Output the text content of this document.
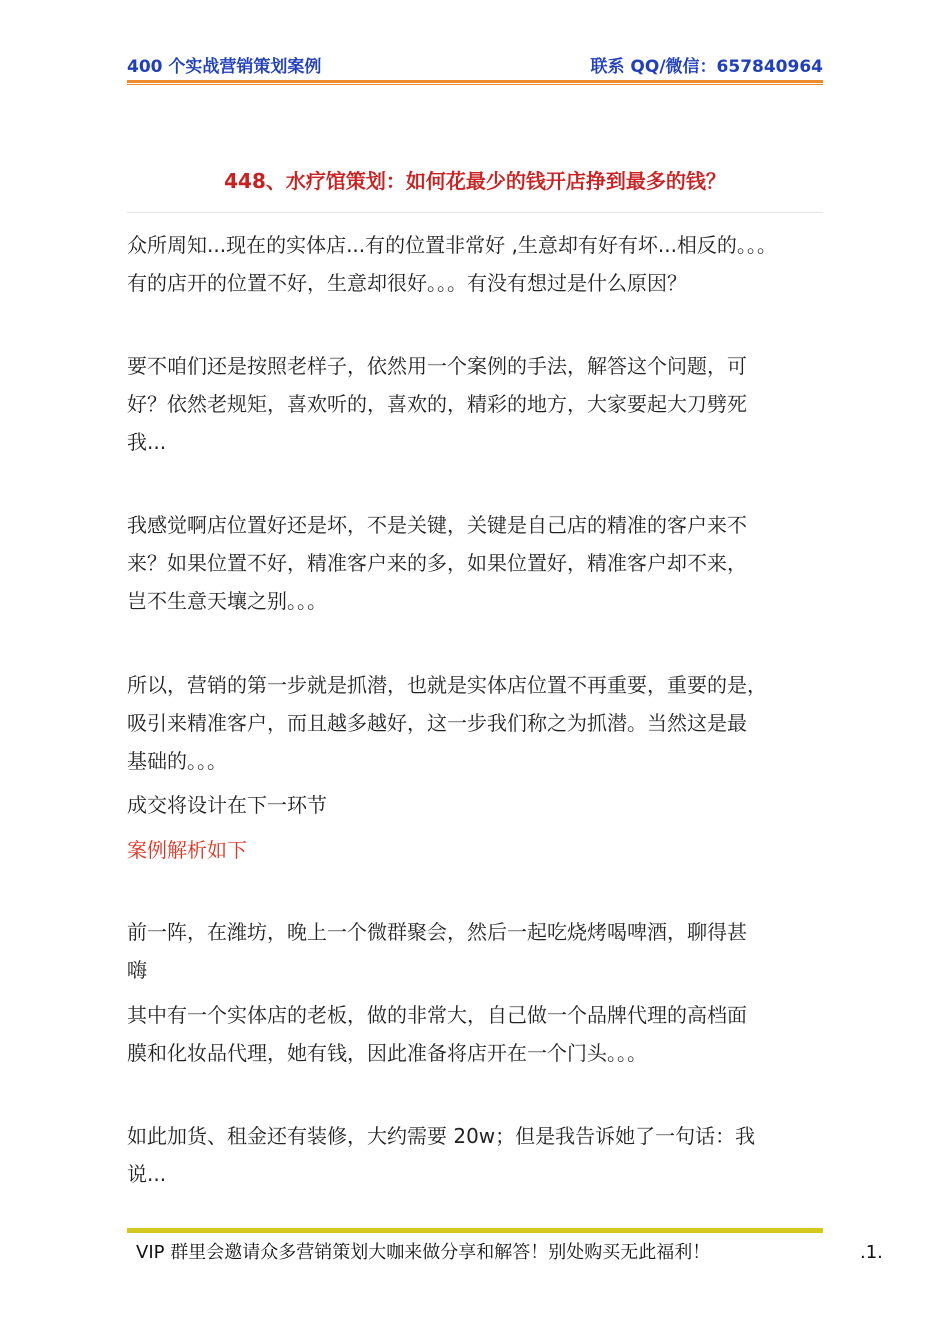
400 个实战营销策划案例	联系 QQ/微信：657840964
448、水疗馆策划：如何花最少的钱开店挣到最多的钱？
众所周知...现在的实体店...有的位置非常好 ,生意却有好有坏...相反的。。。
有的店开的位置不好，生意却很好。。。有没有想过是什么原因？
要不咱们还是按照老样子，依然用一个案例的手法，解答这个问题，可
好？依然老规矩，喜欢听的，喜欢的，精彩的地方，大家要起大刀劈死
我...
我感觉啊店位置好还是坏，不是关键，关键是自己店的精准的客户来不
来？如果位置不好，精准客户来的多，如果位置好，精准客户却不来，
岂不生意天壤之别。。。
所以，营销的第一步就是抓潜，也就是实体店位置不再重要，重要的是，
吸引来精准客户，而且越多越好，这一步我们称之为抓潜。当然这是最
基础的。。。
成交将设计在下一环节
案例解析如下
前一阵，在潍坊，晚上一个微群聚会，然后一起吃烧烤喝啤酒，聊得甚
嗨
其中有一个实体店的老板，做的非常大，自己做一个品牌代理的高档面
膜和化妆品代理，她有钱，因此准备将店开在一个门头。。。
如此加货、租金还有装修，大约需要 20w；但是我告诉她了一句话：我
说...
VIP 群里会邀请众多营销策划大咖来做分享和解答！别处购买无此福利！	.1.
